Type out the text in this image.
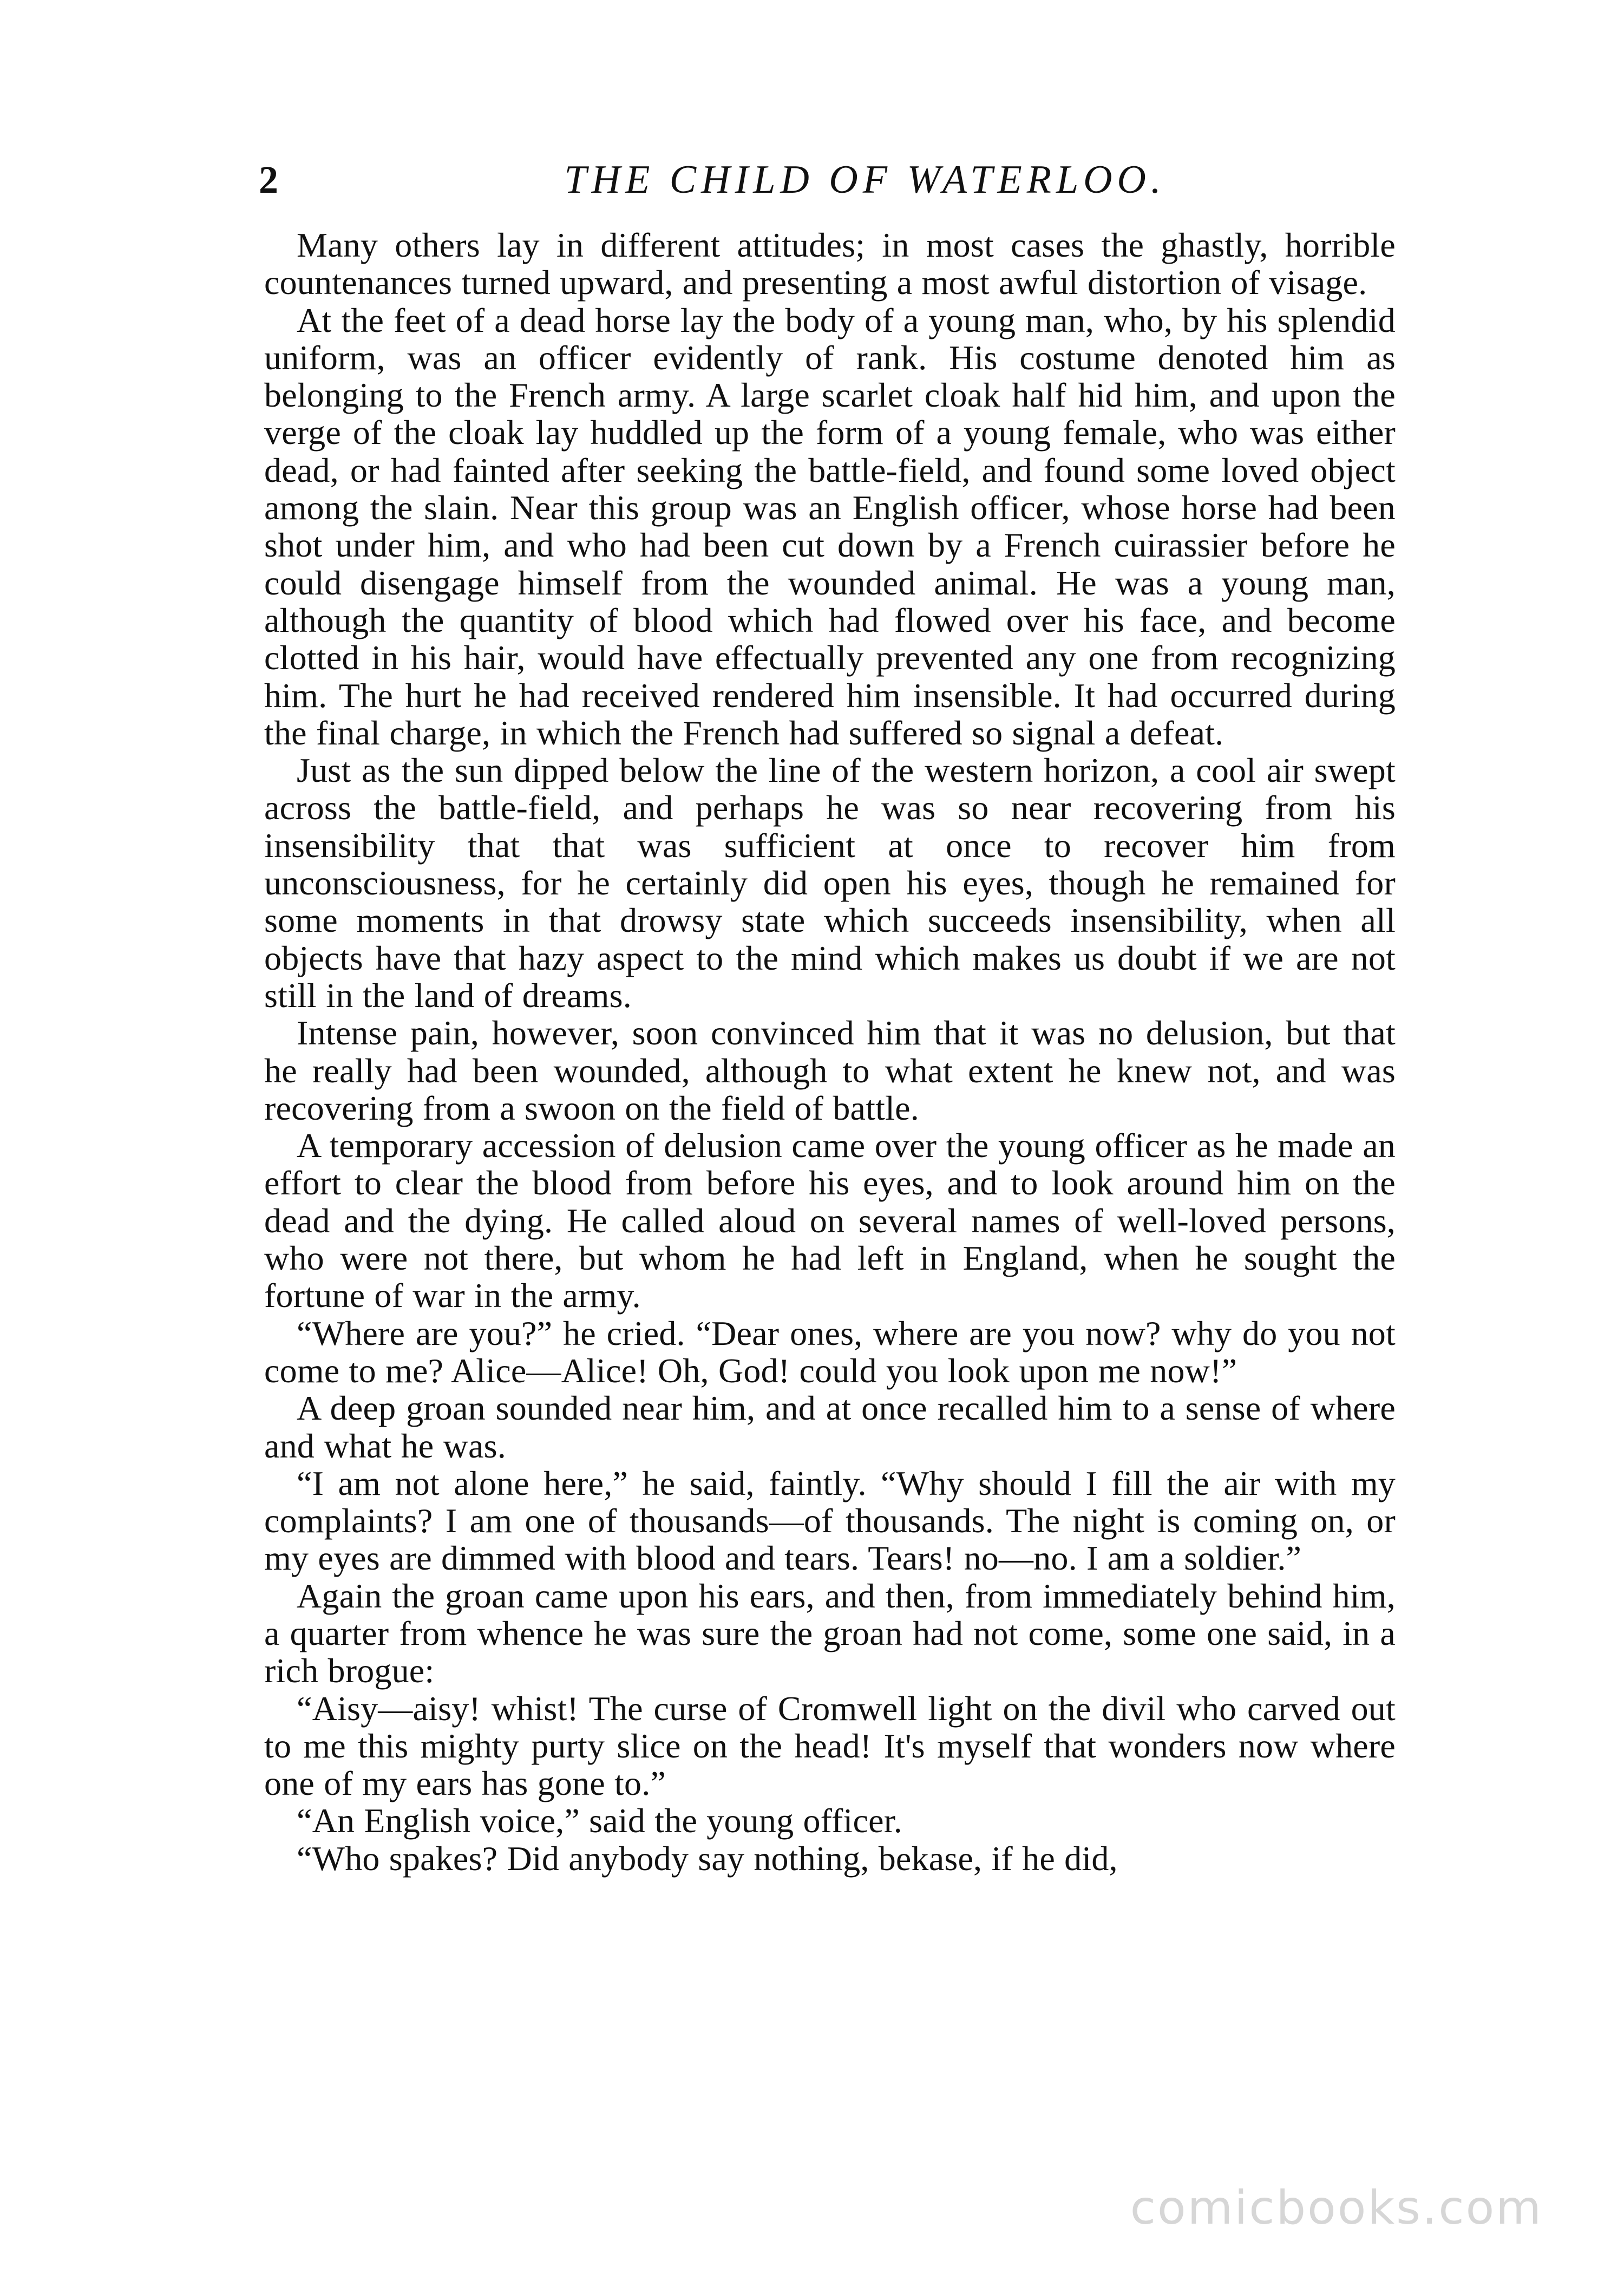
2	THE CHILD OF WATERLOO.

Many others lay in different attitudes; in most cases the ghastly, horrible countenances turned upward, and presenting a most awful distortion of visage.

At the feet of a dead horse lay the body of a young man, who, by his splendid uniform, was an officer evidently of rank. His costume denoted him as belonging to the French army. A large scarlet cloak half hid him, and upon the verge of the cloak lay huddled up the form of a young female, who was either dead, or had fainted after seeking the battle-field, and found some loved object among the slain. Near this group was an English officer, whose horse had been shot under him, and who had been cut down by a French cuirassier before he could disengage himself from the wounded animal. He was a young man, although the quantity of blood which had flowed over his face, and become clotted in his hair, would have effectually prevented any one from recognizing him. The hurt he had received rendered him insensible. It had occurred during the final charge, in which the French had suffered so signal a defeat.

Just as the sun dipped below the line of the western horizon, a cool air swept across the battle-field, and perhaps he was so near recovering from his insensibility that that was sufficient at once to recover him from unconsciousness, for he certainly did open his eyes, though he remained for some moments in that drowsy state which succeeds insensibility, when all objects have that hazy aspect to the mind which makes us doubt if we are not still in the land of dreams.

Intense pain, however, soon convinced him that it was no delusion, but that he really had been wounded, although to what extent he knew not, and was recovering from a swoon on the field of battle.

A temporary accession of delusion came over the young officer as he made an effort to clear the blood from before his eyes, and to look around him on the dead and the dying. He called aloud on several names of well-loved persons, who were not there, but whom he had left in England, when he sought the fortune of war in the army.

“Where are you?” he cried. “Dear ones, where are you now? why do you not come to me? Alice—Alice! Oh, God! could you look upon me now!”

A deep groan sounded near him, and at once recalled him to a sense of where and what he was.

“I am not alone here,” he said, faintly. “Why should I fill the air with my complaints? I am one of thousands—of thousands. The night is coming on, or my eyes are dimmed with blood and tears. Tears! no—no. I am a soldier.”

Again the groan came upon his ears, and then, from immediately behind him, a quarter from whence he was sure the groan had not come, some one said, in a rich brogue:

“Aisy—aisy! whist! The curse of Cromwell light on the divil who carved out to me this mighty purty slice on the head! It's myself that wonders now where one of my ears has gone to.”

“An English voice,” said the young officer.

“Who spakes? Did anybody say nothing, bekase, if he did,

comicbooks.com
